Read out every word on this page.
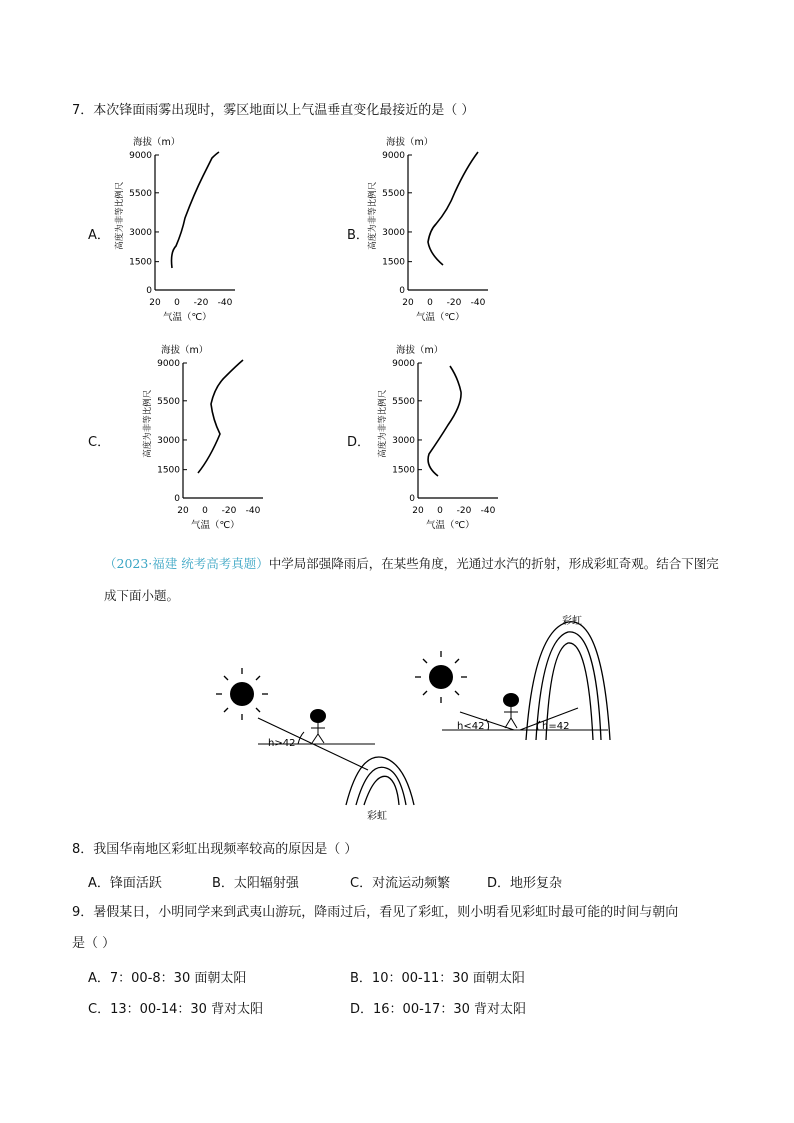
7．本次锋面雨雾出现时，雾区地面以上气温垂直变化最接近的是（ ）
9000
5500
3000
1500
0
20 0 -20 -40
海拔（m）
气温（℃）
高度为非等比例尺
9000
5500
3000
1500
0
20 0 -20 -40
海拔（m）
气温（℃）
高度为非等比例尺
9000
5500
3000
1500
0
20 0 -20 -40
海拔（m）
气温（℃）
高度为非等比例尺
9000
5500
3000
1500
0
20 0 -20 -40
海拔（m）
气温（℃）
高度为非等比例尺
A．	B．
C．	D．
（2023·福建 统考高考真题）中学局部强降雨后，在某些角度，光通过水汽的折射，形成彩虹奇观。结合下图完成下面小题。
h>42
彩虹
h<42	h=42
彩虹
8．我国华南地区彩虹出现频率较高的原因是（ ）
A．锋面活跃	B．太阳辐射强	C．对流运动频繁	D．地形复杂
9．暑假某日，小明同学来到武夷山游玩，降雨过后，看见了彩虹，则小明看见彩虹时最可能的时间与朝向
是（ ）
A．7：00-8：30 面朝太阳	B．10：00-11：30 面朝太阳
C．13：00-14：30 背对太阳	D．16：00-17：30 背对太阳
